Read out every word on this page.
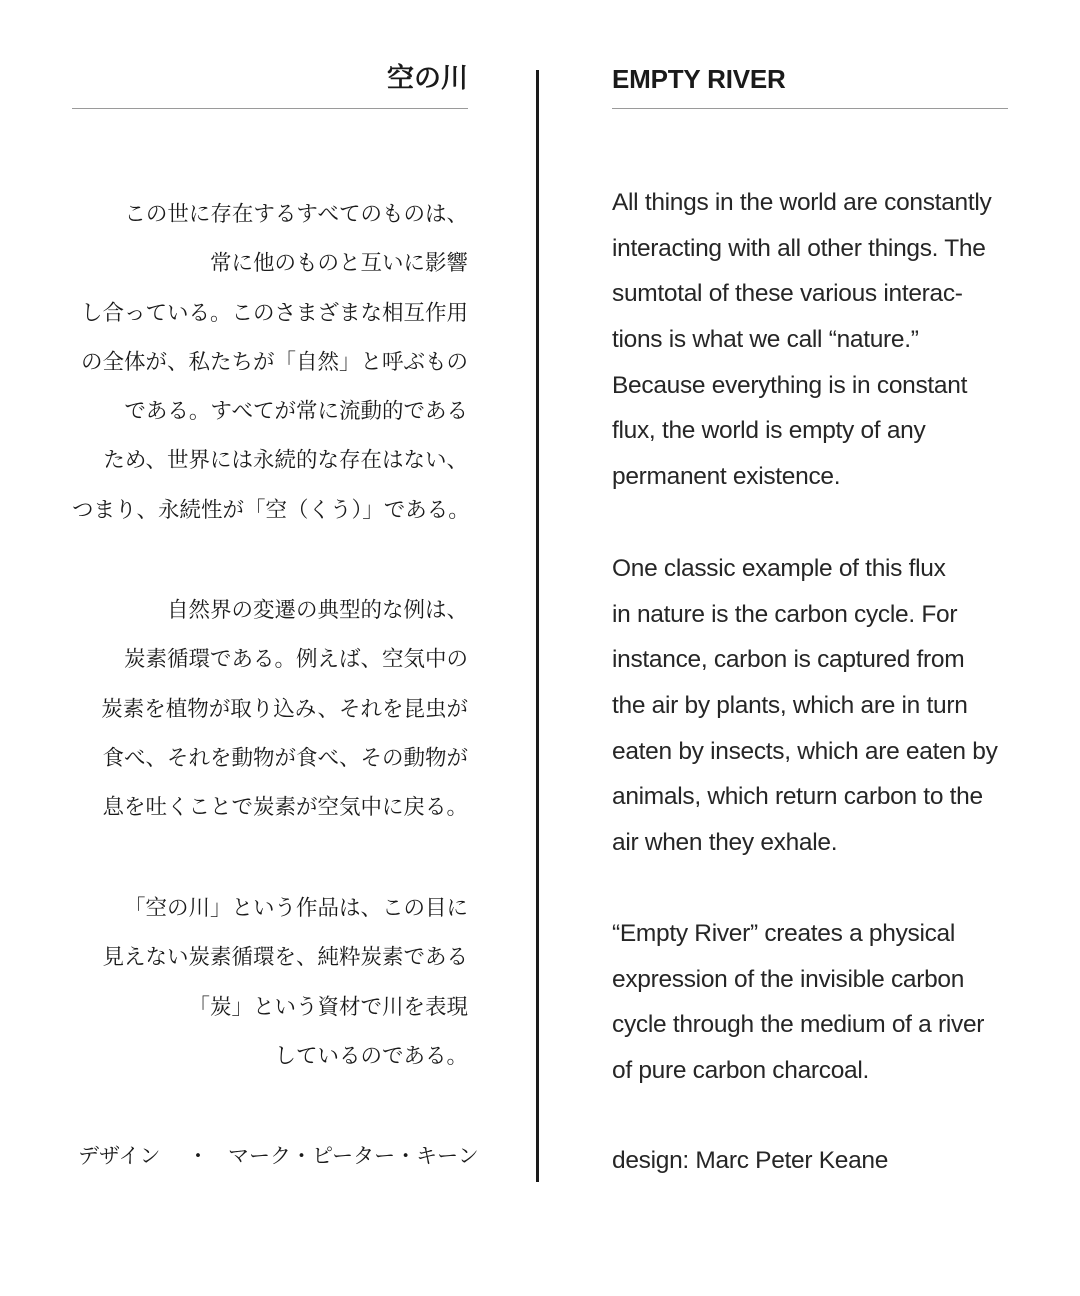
空の川
この世に存在するすべてのものは、
常に他のものと互いに影響
し合っている。このさまざまな相互作用
の全体が、私たちが「自然」と呼ぶもの
である。すべてが常に流動的である
ため、世界には永続的な存在はない、
つまり、永続性が「空（くう）」である。
自然界の変遷の典型的な例は、
炭素循環である。例えば、空気中の
炭素を植物が取り込み、それを昆虫が
食べ、それを動物が食べ、その動物が
息を吐くことで炭素が空気中に戻る。
「空の川」という作品は、この目に
見えない炭素循環を、純粋炭素である
「炭」という資材で川を表現
しているのである。
デザイン ・ マーク・ピーター・キーン
EMPTY RIVER
All things in the world are constantly
interacting with all other things. The
sumtotal of these various interac-
tions is what we call “nature.”
Because everything is in constant
flux, the world is empty of any
permanent existence.
One classic example of this flux
in nature is the carbon cycle. For
instance, carbon is captured from
the air by plants, which are in turn
eaten by insects, which are eaten by
animals, which return carbon to the
air when they exhale.
“Empty River” creates a physical
expression of the invisible carbon
cycle through the medium of a river
of pure carbon charcoal.
design: Marc Peter Keane
